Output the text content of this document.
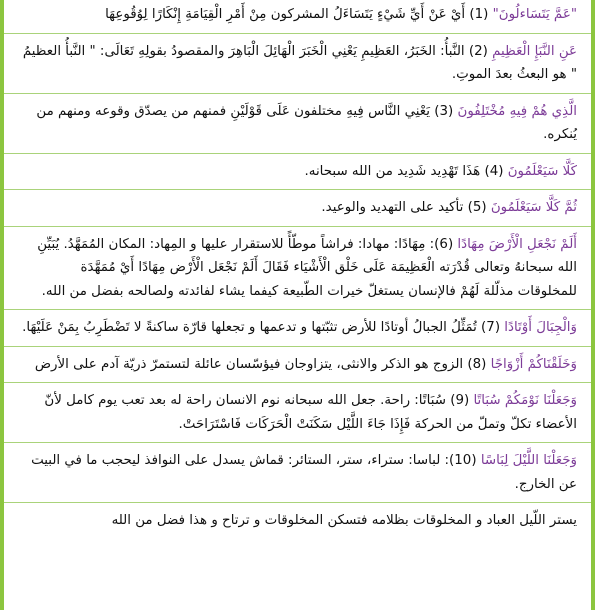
"عَمَّ يَتَسَاءلُونَ" (1) أَيْ عَنْ أَيِّ شَيْءٍ يَتَسَاءَلُ المشركون مِنْ أَمْرِ الْقِيَامَةِ إِنْكَارًا لِوُقُوعِهَا

عَنِ النَّبَإِ الْعَظِيمِ (2) النَّبأُ: الخَبَرُ، العَظِيمِ يَعْنِي الْخَبَرَ الْهَائِلَ الْبَاهِرَ والمقصودُ بقولِهِ تَعَالَى: " النَّبأُ العظيمُ " هو البعثُ بعدَ الموتِ.

الَّذِي هُمْ فِيهِ مُخْتَلِفُونَ (3) يَعْنِي النَّاس فِيهِ مختلفون عَلَى قَوْلَيْنِ فمنهم من يصدّق وقوعه ومنهم من يُنكره.

كَلَّا سَيَعْلَمُونَ (4) هَذَا تَهْدِيد شَدِيد من الله سبحانه.

ثُمَّ كَلَّا سَيَعْلَمُونَ (5) تأكيد على التهديد والوعيد.

أَلَمْ نَجْعَلِ الْأَرْضَ مِهَادًا (6): مِهَادًا: مهادا: فراشاً موطّأً للاستقرار عليها و المِهاد: المكان المُمَهَّدُ. يُبَيِّنِ الله سبحانهُ وتعالى قُدْرَته الْعَظِيمَة عَلَى خَلْق الْأَشْيَاء فَقَالَ أَلَمْ نَجْعَل الْأَرْض مِهَادًا أَيْ مُمَهَّدَة للمخلوقات مذلّلة لَهُمْ فالإنسان يستغلّ خيرات الطّبيعة كيفما يشاء لفائدته ولصالحه بفضل من الله.

وَالْجِبَالَ أَوْتَادًا (7) تُمَثِّلُ الجبالُ أوتادًا للأرض تثبّتها و تدعمها و تجعلها قارّة ساكنةً لا تَضْطَرِبُ بِمَنْ عَلَيْهَا.

وَخَلَقْنَاكُمْ أَزْوَاجًا (8) الزوج هو الذكر والانثى، يتزاوجان فيؤسّسان عائلة لتستمرّ ذريّة آدم على الأرض

وَجَعَلْنَا نَوْمَكُمْ سُبَاتًا (9) سُبَاتًا: راحة. جعل الله سبحانه نوم الانسان راحة له بعد تعب يوم كامل لأنّ الأعضاء تكلّ وتملّ من الحركة فَإِذَا جَاءَ اللَّيْل سَكَنَتْ الْحَرَكَات فَاسْتَرَاحَتْ.

وَجَعَلْنَا اللَّيْلَ لِبَاسًا (10): لباسا: ستراء، ستر، الستائر: قماش يسدل على النوافذ ليحجب ما في البيت عن الخارج.

يستر اللّيل العباد و المخلوقات بظلامه فتسكن المخلوقات و ترتاح و هذا فضل من الله
